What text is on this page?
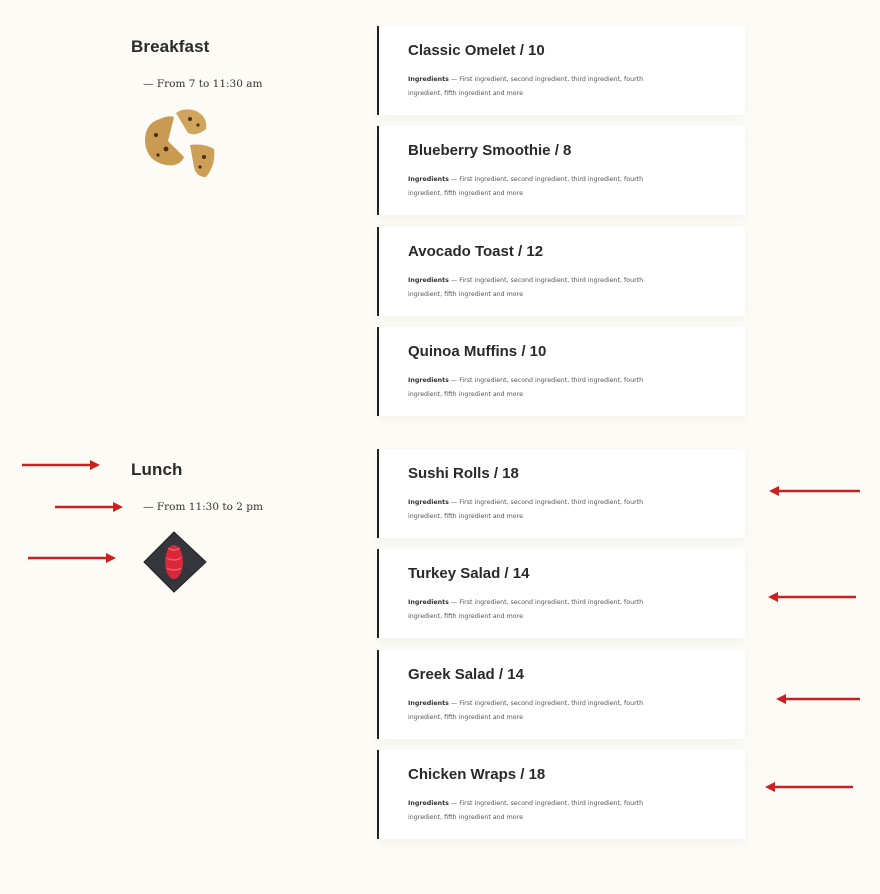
Breakfast
— From 7 to 11:30 am
Classic Omelet / 10
Ingredients — First ingredient, second ingredient, third ingredient, fourth ingredient, fifth ingredient and more
Blueberry Smoothie / 8
Ingredients — First ingredient, second ingredient, third ingredient, fourth ingredient, fifth ingredient and more
Avocado Toast / 12
Ingredients — First ingredient, second ingredient, third ingredient, fourth ingredient, fifth ingredient and more
Quinoa Muffins / 10
Ingredients — First ingredient, second ingredient, third ingredient, fourth ingredient, fifth ingredient and more
Lunch
— From 11:30 to 2 pm
Sushi Rolls / 18
Ingredients — First ingredient, second ingredient, third ingredient, fourth ingredient, fifth ingredient and more
Turkey Salad / 14
Ingredients — First ingredient, second ingredient, third ingredient, fourth ingredient, fifth ingredient and more
Greek Salad / 14
Ingredients — First ingredient, second ingredient, third ingredient, fourth ingredient, fifth ingredient and more
Chicken Wraps / 18
Ingredients — First ingredient, second ingredient, third ingredient, fourth ingredient, fifth ingredient and more
